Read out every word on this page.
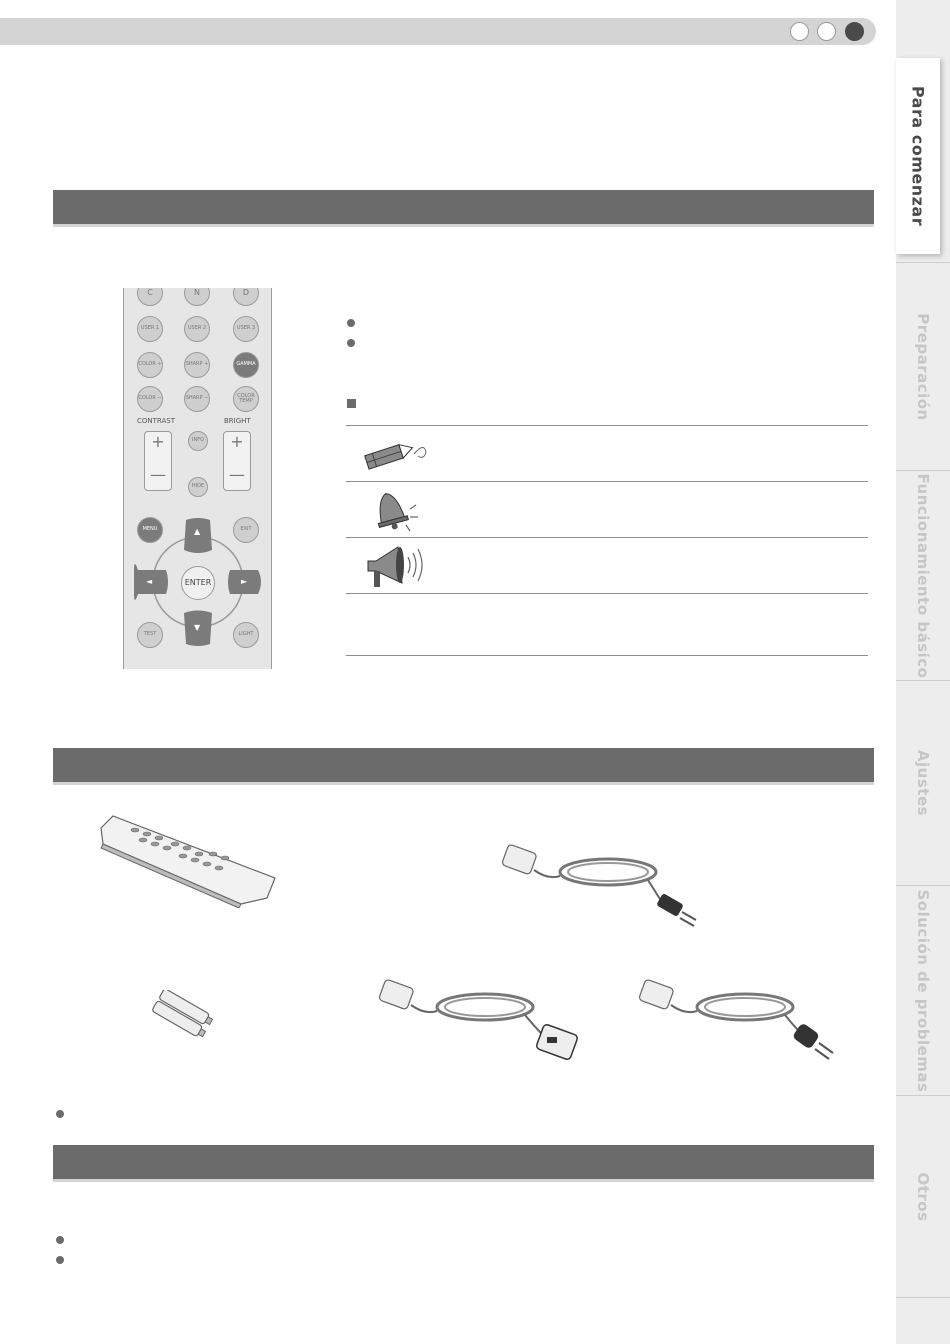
Preparación
Funcionamiento básico
Ajustes
Solución de problemas
Otros
Para comenzar
C	N	D
USER 1	USER 2	USER 3
COLOR +	SHARP +	GAMMA
COLOR −	SHARP −	COLOR TEMP
CONTRAST	BRIGHT
+
—
+
—
INFO
HIDE
MENU	EXIT
▲
▼
◄	►
ENTER
TEST	LIGHT
